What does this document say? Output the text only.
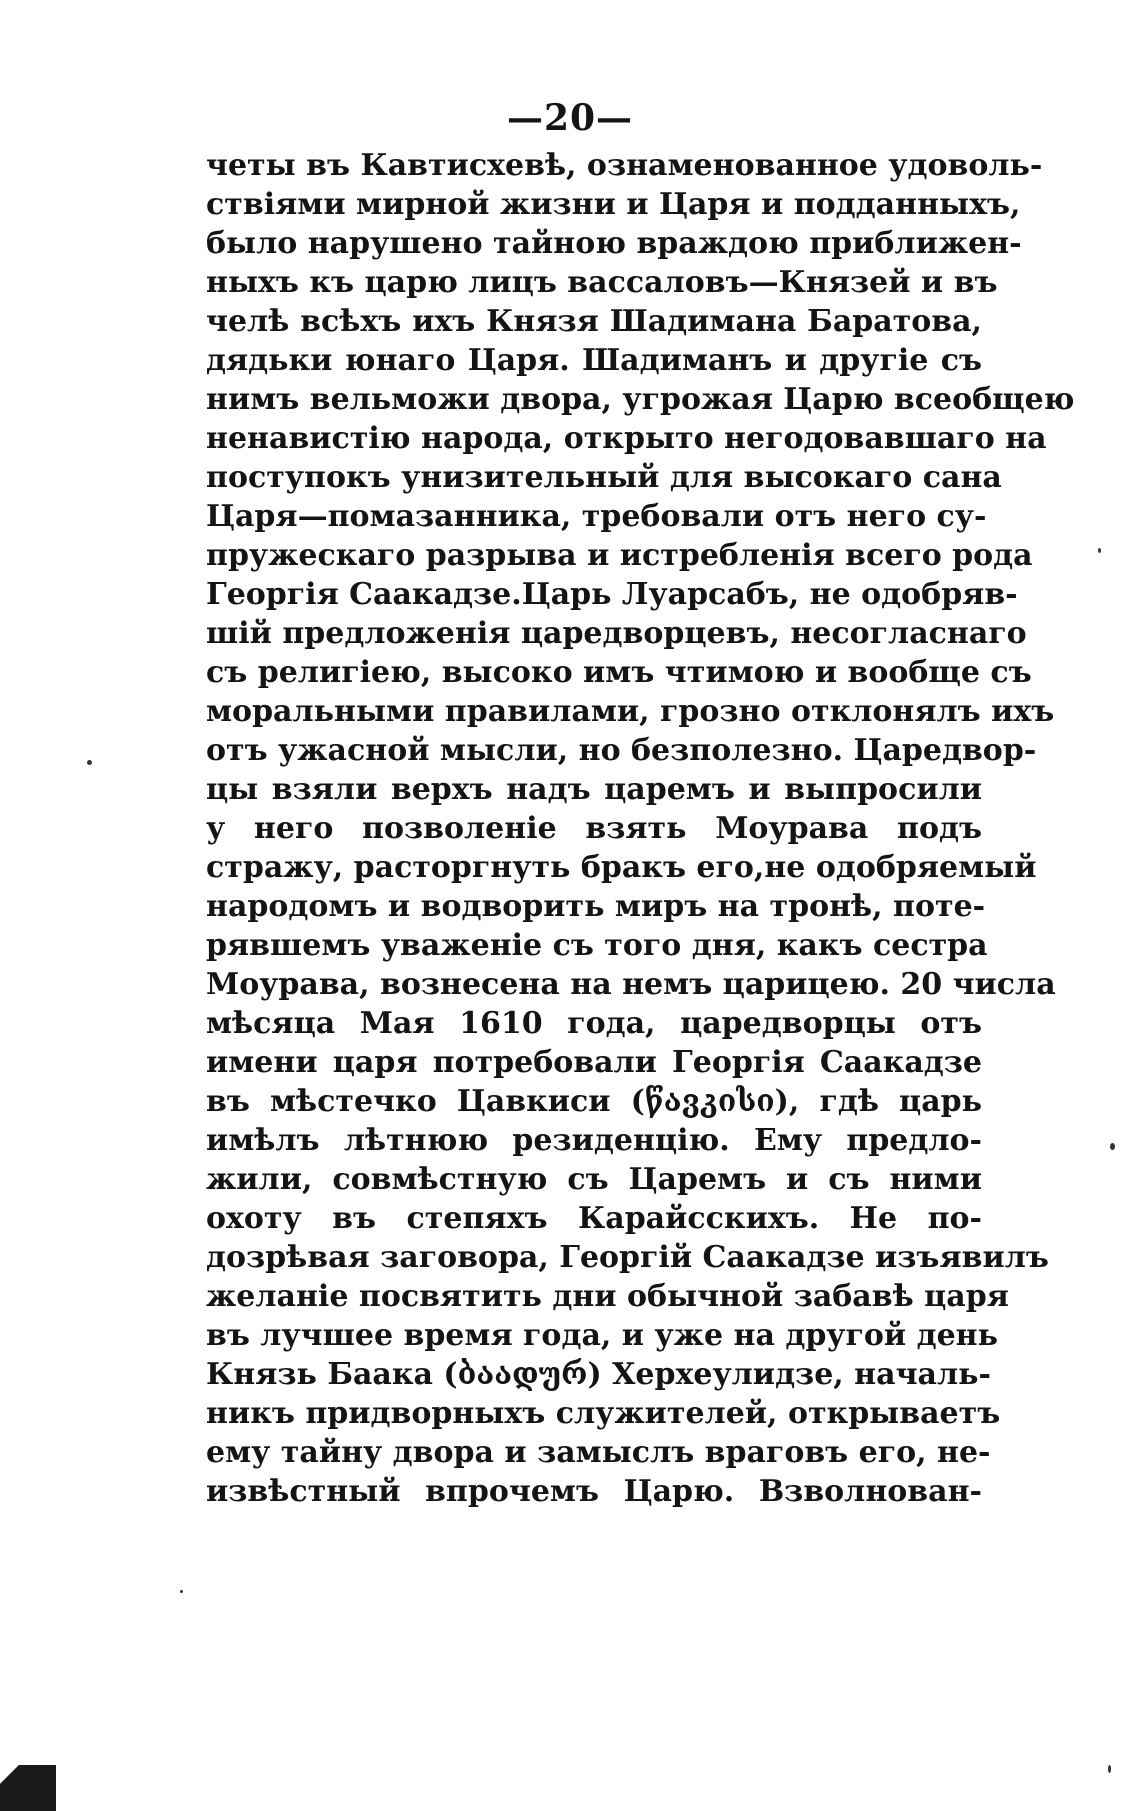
—20—
четы въ Кавтисхевѣ, ознаменованное удоволь-
ствіями мирной жизни и Царя и подданныхъ,
было нарушено тайною враждою приближен-
ныхъ къ царю лицъ вассаловъ—Князей и въ
челѣ всѣхъ ихъ Князя Шадимана Баратова,
дядьки юнаго Царя. Шадиманъ и другіе съ
нимъ вельможи двора, угрожая Царю всеобщею
ненавистію народа, открыто негодовавшаго на
поступокъ унизительный для высокаго сана
Царя—помазанника, требовали отъ него су-
пружескаго разрыва и истребленія всего рода
Георгія Саакадзе.Царь Луарсабъ, не одобряв-
шій предложенія царедворцевъ, несогласнаго
съ религіею, высоко имъ чтимою и вообще съ
моральными правилами, грозно отклонялъ ихъ
отъ ужасной мысли, но безполезно. Царедвор-
цы взяли верхъ надъ царемъ и выпросили
у него позволеніе взять Моурава подъ
стражу, расторгнуть бракъ его,не одобряемый
народомъ и водворить миръ на тронѣ, поте-
рявшемъ уваженіе съ того дня, какъ сестра
Моурава, вознесена на немъ царицею. 20 числа
мѣсяца Мая 1610 года, царедворцы отъ
имени царя потребовали Георгія Саакадзе
въ мѣстечко Цавкиси (წავკისი), гдѣ царь
имѣлъ лѣтнюю резиденцію. Ему предло-
жили, совмѣстную съ Царемъ и съ ними
охоту въ степяхъ Карайсскихъ. Не по-
дозрѣвая заговора, Георгій Саакадзе изъявилъ
желаніе посвятить дни обычной забавѣ царя
въ лучшее время года, и уже на другой день
Князь Баака (ბაადურ) Херхеулидзе, началь-
никъ придворныхъ служителей, открываетъ
ему тайну двора и замыслъ враговъ его, не-
извѣстный впрочемъ Царю. Взволнован-
